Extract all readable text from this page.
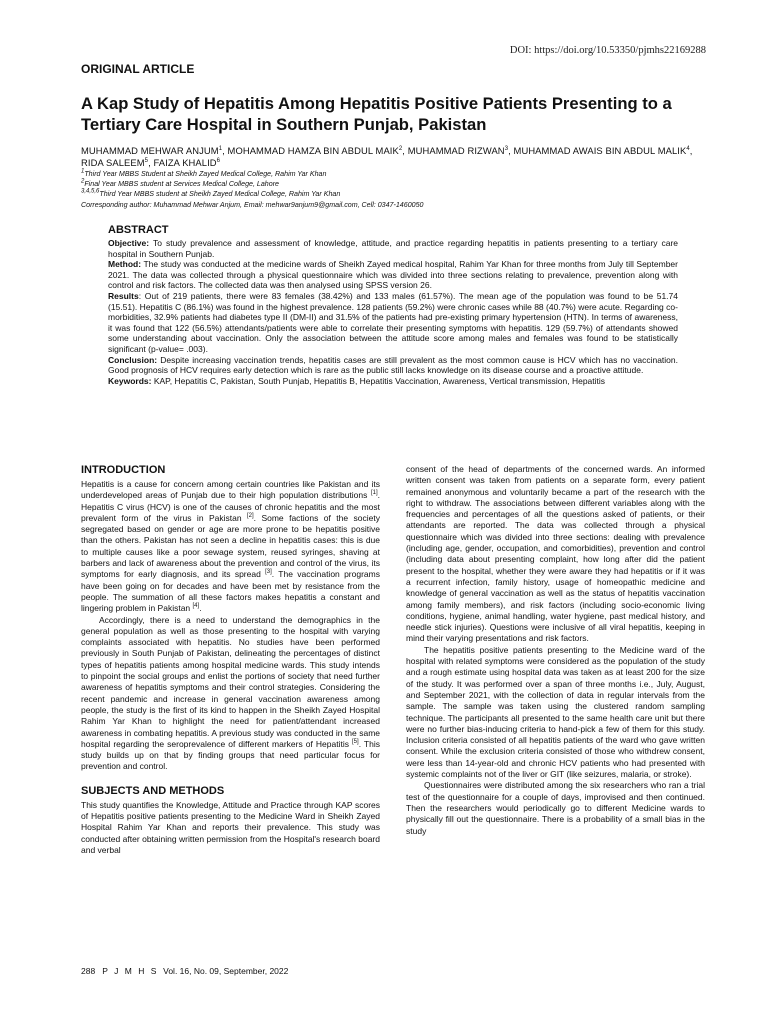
DOI: https://doi.org/10.53350/pjmhs22169288
ORIGINAL ARTICLE
A Kap Study of Hepatitis Among Hepatitis Positive Patients Presenting to a Tertiary Care Hospital in Southern Punjab, Pakistan
MUHAMMAD MEHWAR ANJUM$^1$, MOHAMMAD HAMZA BIN ABDUL MAIK$^2$, MUHAMMAD RIZWAN$^3$, MUHAMMAD AWAIS BIN ABDUL MALIK$^4$, RIDA SALEEM$^5$, FAIZA KHALID$^6$
$^1$Third Year MBBS Student at Sheikh Zayed Medical College, Rahim Yar Khan
$^2$Final Year MBBS student at Services Medical College, Lahore
$^{3,4,5,6}$Third Year MBBS student at Sheikh Zayed Medical College, Rahim Yar Khan
Corresponding author: Muhammad Mehwar Anjum, Email: mehwar9anjum9@gmail.com, Cell: 0347-1460050
ABSTRACT

Objective: To study prevalence and assessment of knowledge, attitude, and practice regarding hepatitis in patients presenting to a tertiary care hospital in Southern Punjab.

Method: The study was conducted at the medicine wards of Sheikh Zayed medical hospital, Rahim Yar Khan for three months from July till September 2021. The data was collected through a physical questionnaire which was divided into three sections relating to prevalence, prevention along with control and risk factors. The collected data was then analysed using SPSS version 26.

Results: Out of 219 patients, there were 83 females (38.42%) and 133 males (61.57%). The mean age of the population was found to be 51.74 (15.51). Hepatitis C (86.1%) was found in the highest prevalence. 128 patients (59.2%) were chronic cases while 88 (40.7%) were acute. Regarding co-morbidities, 32.9% patients had diabetes type II (DM-II) and 31.5% of the patients had pre-existing primary hypertension (HTN). In terms of awareness, it was found that 122 (56.5%) attendants/patients were able to correlate their presenting symptoms with hepatitis. 129 (59.7%) of attendants showed some understanding about vaccination. Only the association between the attitude score among males and females was found to be statistically significant (p-value= .003).

Conclusion: Despite increasing vaccination trends, hepatitis cases are still prevalent as the most common cause is HCV which has no vaccination. Good prognosis of HCV requires early detection which is rare as the public still lacks knowledge on its disease course and a proactive attitude.

Keywords: KAP, Hepatitis C, Pakistan, South Punjab, Hepatitis B, Hepatitis Vaccination, Awareness, Vertical transmission, Hepatitis

INTRODUCTION

Hepatitis is a cause for concern among certain countries like Pakistan and its underdeveloped areas of Punjab due to their high population distributions [1]. Hepatitis C virus (HCV) is one of the causes of chronic hepatitis and the most prevalent form of the virus in Pakistan [2]. Some factions of the society segregated based on gender or age are more prone to be hepatitis positive than the others. Pakistan has not seen a decline in hepatitis cases: this is due to multiple causes like a poor sewage system, reused syringes, shaving at barbers and lack of awareness about the prevention and control of the virus, its symptoms for early diagnosis, and its spread [3]. The vaccination programs have been going on for decades and have been met by resistance from the people. The summation of all these factors makes hepatitis a constant and lingering problem in Pakistan [4].

Accordingly, there is a need to understand the demographics in the general population as well as those presenting to the hospital with varying complaints associated with hepatitis. No studies have been performed previously in South Punjab of Pakistan, delineating the percentages of distinct types of hepatitis patients among hospital medicine wards. This study intends to pinpoint the social groups and enlist the portions of society that need further awareness of hepatitis symptoms and their control strategies. Considering the recent pandemic and increase in general vaccination awareness among people, the study is the first of its kind to happen in the Sheikh Zayed Hospital Rahim Yar Khan to highlight the need for patient/attendant increased awareness in combating hepatitis. A previous study was conducted in the same hospital regarding the seroprevalence of different markers of Hepatitis [5]. This study builds up on that by finding groups that need particular focus for prevention and control.

SUBJECTS AND METHODS

This study quantifies the Knowledge, Attitude and Practice through KAP scores of Hepatitis positive patients presenting to the Medicine Ward in Sheikh Zayed Hospital Rahim Yar Khan and reports their prevalence. This study was conducted after obtaining written permission from the Hospital's research board and verbal

consent of the head of departments of the concerned wards. An informed written consent was taken from patients on a separate form, every patient remained anonymous and voluntarily became a part of the research with the right to withdraw. The associations between different variables along with the frequencies and percentages of all the questions asked of patients, or their attendants are reported. The data was collected through a physical questionnaire which was divided into three sections: dealing with prevalence (including age, gender, occupation, and comorbidities), prevention and control (including data about presenting complaint, how long after did the patient present to the hospital, whether they were aware they had hepatitis or if it was a recurrent infection, family history, usage of homeopathic medicine and knowledge of general vaccination as well as the status of hepatitis vaccination among family members), and risk factors (including socio-economic living conditions, hygiene, animal handling, water hygiene, past medical history, and needle stick injuries). Questions were inclusive of all viral hepatitis, keeping in mind their varying presentations and risk factors.

The hepatitis positive patients presenting to the Medicine ward of the hospital with related symptoms were considered as the population of the study and a rough estimate using hospital data was taken as at least 200 for the size of the study. It was performed over a span of three months i.e., July, August, and September 2021, with the collection of data in regular intervals from the sample. The sample was taken using the clustered random sampling technique. The participants all presented to the same health care unit but there were no further bias-inducing criteria to hand-pick a few of them for this study. Inclusion criteria consisted of all hepatitis patients of the ward who gave written consent. While the exclusion criteria consisted of those who withdrew consent, were less than 14-year-old and chronic HCV patients who had presented with systemic complaints not of the liver or GIT (like seizures, malaria, or stroke).

Questionnaires were distributed among the six researchers who ran a trial test of the questionnaire for a couple of days, improvised and then continued. Then the researchers would periodically go to different Medicine wards to physically fill out the questionnaire. There is a probability of a small bias in the study

288 P J M H S Vol. 16, No. 09, September, 2022
